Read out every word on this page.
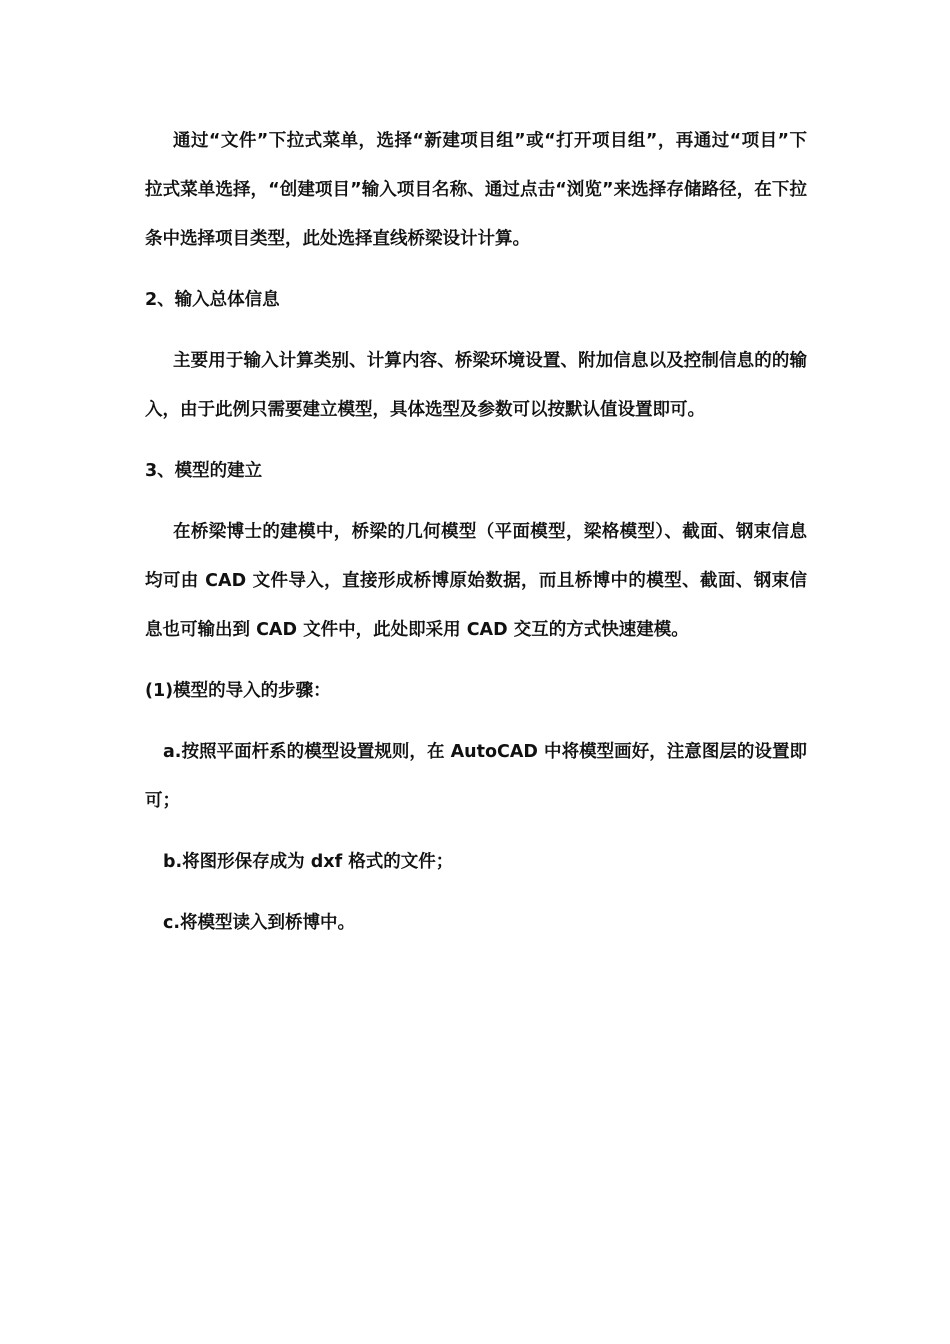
通过“文件”下拉式菜单，选择“新建项目组”或“打开项目组”，再通过“项目”下拉式菜单选择，“创建项目”输入项目名称、通过点击“浏览”来选择存储路径，在下拉条中选择项目类型，此处选择直线桥梁设计计算。

2、输入总体信息

主要用于输入计算类别、计算内容、桥梁环境设置、附加信息以及控制信息的的输入，由于此例只需要建立模型，具体选型及参数可以按默认值设置即可。

3、模型的建立

在桥梁博士的建模中，桥梁的几何模型（平面模型，梁格模型）、截面、钢束信息均可由 CAD 文件导入，直接形成桥博原始数据，而且桥博中的模型、截面、钢束信息也可输出到 CAD 文件中，此处即采用 CAD 交互的方式快速建模。

(1)模型的导入的步骤：

a.按照平面杆系的模型设置规则，在 AutoCAD 中将模型画好，注意图层的设置即可；

b.将图形保存成为 dxf 格式的文件；

c.将模型读入到桥博中。
